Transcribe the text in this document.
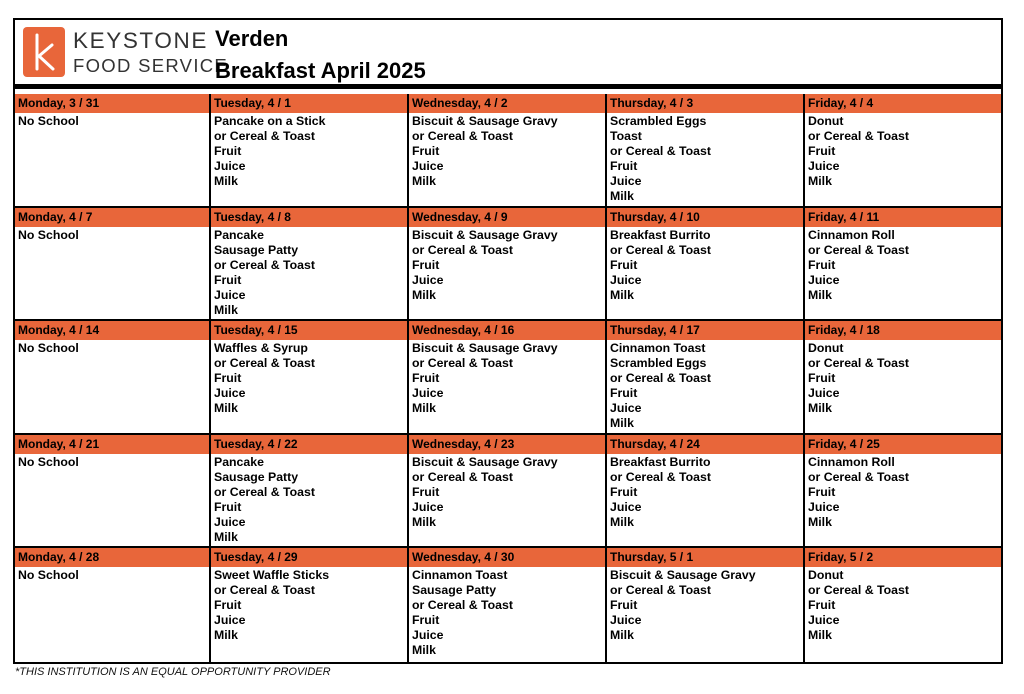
KEYSTONE
FOOD SERVICE
Verden
Breakfast April 2025
Monday, 3 / 31
No School
Tuesday, 4 / 1
Pancake on a Stick
or Cereal & Toast
Fruit
Juice
Milk
Wednesday, 4 / 2
Biscuit & Sausage Gravy
or Cereal & Toast
Fruit
Juice
Milk
Thursday, 4 / 3
Scrambled Eggs
Toast
or Cereal & Toast
Fruit
Juice
Milk
Friday, 4 / 4
Donut
or Cereal & Toast
Fruit
Juice
Milk
Monday, 4 / 7
No School
Tuesday, 4 / 8
Pancake
Sausage Patty
or Cereal & Toast
Fruit
Juice
Milk
Wednesday, 4 / 9
Biscuit & Sausage Gravy
or Cereal & Toast
Fruit
Juice
Milk
Thursday, 4 / 10
Breakfast Burrito
or Cereal & Toast
Fruit
Juice
Milk
Friday, 4 / 11
Cinnamon Roll
or Cereal & Toast
Fruit
Juice
Milk
Monday, 4 / 14
No School
Tuesday, 4 / 15
Waffles & Syrup
or Cereal & Toast
Fruit
Juice
Milk
Wednesday, 4 / 16
Biscuit & Sausage Gravy
or Cereal & Toast
Fruit
Juice
Milk
Thursday, 4 / 17
Cinnamon Toast
Scrambled Eggs
or Cereal & Toast
Fruit
Juice
Milk
Friday, 4 / 18
Donut
or Cereal & Toast
Fruit
Juice
Milk
Monday, 4 / 21
No School
Tuesday, 4 / 22
Pancake
Sausage Patty
or Cereal & Toast
Fruit
Juice
Milk
Wednesday, 4 / 23
Biscuit & Sausage Gravy
or Cereal & Toast
Fruit
Juice
Milk
Thursday, 4 / 24
Breakfast Burrito
or Cereal & Toast
Fruit
Juice
Milk
Friday, 4 / 25
Cinnamon Roll
or Cereal & Toast
Fruit
Juice
Milk
Monday, 4 / 28
No School
Tuesday, 4 / 29
Sweet Waffle Sticks
or Cereal & Toast
Fruit
Juice
Milk
Wednesday, 4 / 30
Cinnamon Toast
Sausage Patty
or Cereal & Toast
Fruit
Juice
Milk
Thursday, 5 / 1
Biscuit & Sausage Gravy
or Cereal & Toast
Fruit
Juice
Milk
Friday, 5 / 2
Donut
or Cereal & Toast
Fruit
Juice
Milk
*THIS INSTITUTION IS AN EQUAL OPPORTUNITY PROVIDER
